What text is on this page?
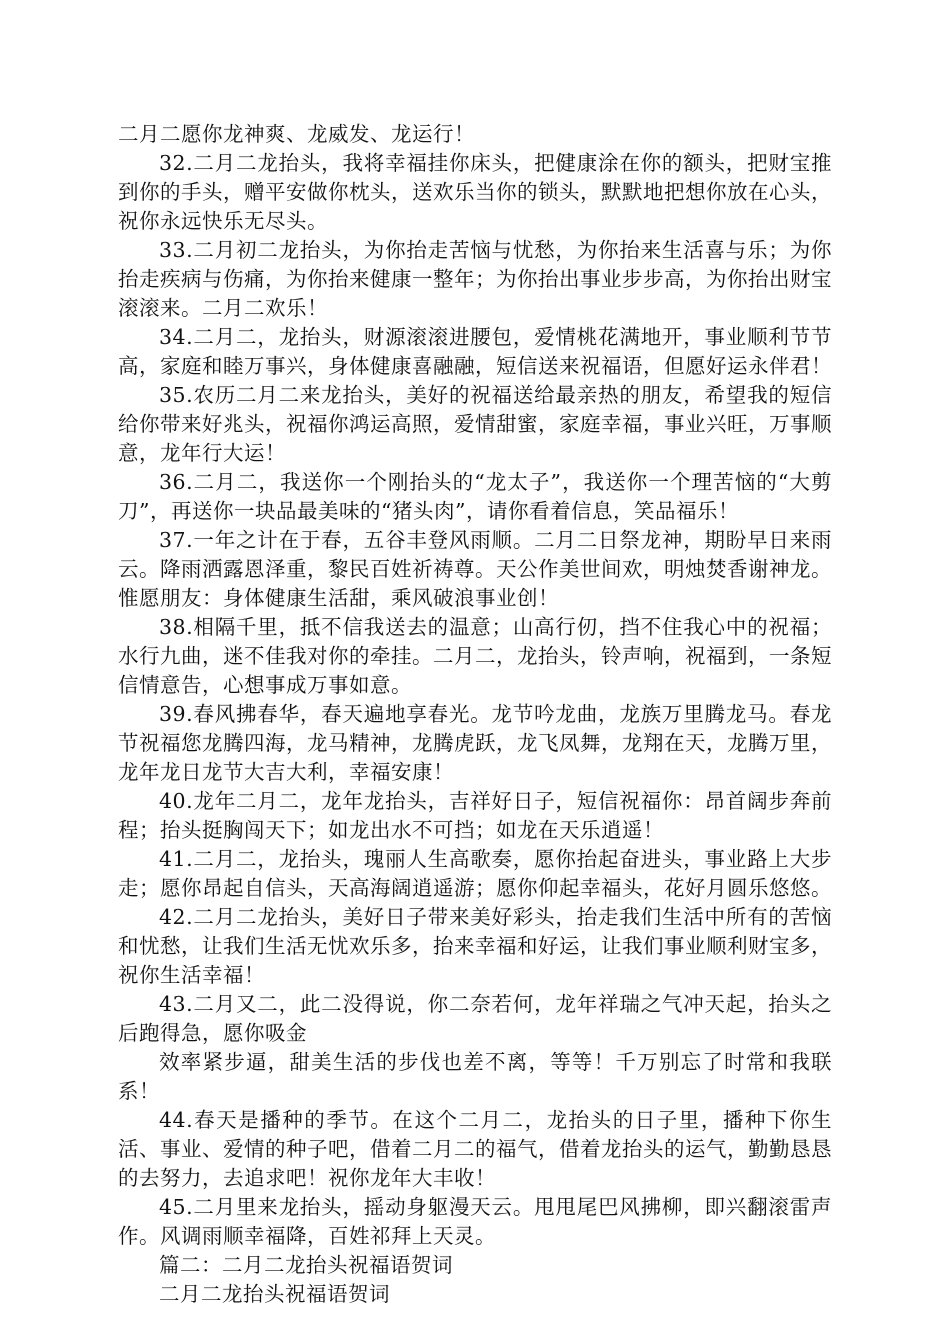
二月二愿你龙神爽、龙威发、龙运行！

32.二月二龙抬头，我将幸福挂你床头，把健康涂在你的额头，把财宝推到你的手头，赠平安做你枕头，送欢乐当你的锁头，默默地把想你放在心头，祝你永远快乐无尽头。

33.二月初二龙抬头，为你抬走苦恼与忧愁，为你抬来生活喜与乐；为你抬走疾病与伤痛，为你抬来健康一整年；为你抬出事业步步高，为你抬出财宝滚滚来。二月二欢乐！

34.二月二，龙抬头，财源滚滚进腰包，爱情桃花满地开，事业顺利节节高，家庭和睦万事兴，身体健康喜融融，短信送来祝福语，但愿好运永伴君！

35.农历二月二来龙抬头，美好的祝福送给最亲热的朋友，希望我的短信给你带来好兆头，祝福你鸿运高照，爱情甜蜜，家庭幸福，事业兴旺，万事顺意，龙年行大运！

36.二月二，我送你一个刚抬头的“龙太子”，我送你一个理苦恼的“大剪刀”，再送你一块品最美味的“猪头肉”，请你看着信息，笑品福乐！

37.一年之计在于春，五谷丰登风雨顺。二月二日祭龙神，期盼早日来雨云。降雨洒露恩泽重，黎民百姓祈祷尊。天公作美世间欢，明烛焚香谢神龙。惟愿朋友：身体健康生活甜，乘风破浪事业创！

38.相隔千里，抵不信我送去的温意；山高行仞，挡不住我心中的祝福；水行九曲，迷不佳我对你的牵挂。二月二，龙抬头，铃声响，祝福到，一条短信情意告，心想事成万事如意。

39.春风拂春华，春天遍地享春光。龙节吟龙曲，龙族万里腾龙马。春龙节祝福您龙腾四海，龙马精神，龙腾虎跃，龙飞凤舞，龙翔在天，龙腾万里，龙年龙日龙节大吉大利，幸福安康！

40.龙年二月二，龙年龙抬头，吉祥好日子，短信祝福你：昂首阔步奔前程；抬头挺胸闯天下；如龙出水不可挡；如龙在天乐逍遥！

41.二月二，龙抬头，瑰丽人生高歌奏，愿你抬起奋进头，事业路上大步走；愿你昂起自信头，天高海阔逍遥游；愿你仰起幸福头，花好月圆乐悠悠。

42.二月二龙抬头，美好日子带来美好彩头，抬走我们生活中所有的苦恼和忧愁，让我们生活无忧欢乐多，抬来幸福和好运，让我们事业顺利财宝多，祝你生活幸福！

43.二月又二，此二没得说，你二奈若何，龙年祥瑞之气冲天起，抬头之后跑得急，愿你吸金

效率紧步逼，甜美生活的步伐也差不离，等等！千万别忘了时常和我联系！

44.春天是播种的季节。在这个二月二，龙抬头的日子里，播种下你生活、事业、爱情的种子吧，借着二月二的福气，借着龙抬头的运气，勤勤恳恳的去努力，去追求吧！祝你龙年大丰收！

45.二月里来龙抬头，摇动身躯漫天云。甩甩尾巴风拂柳，即兴翻滚雷声作。风调雨顺幸福降，百姓祁拜上天灵。

篇二：二月二龙抬头祝福语贺词

二月二龙抬头祝福语贺词
